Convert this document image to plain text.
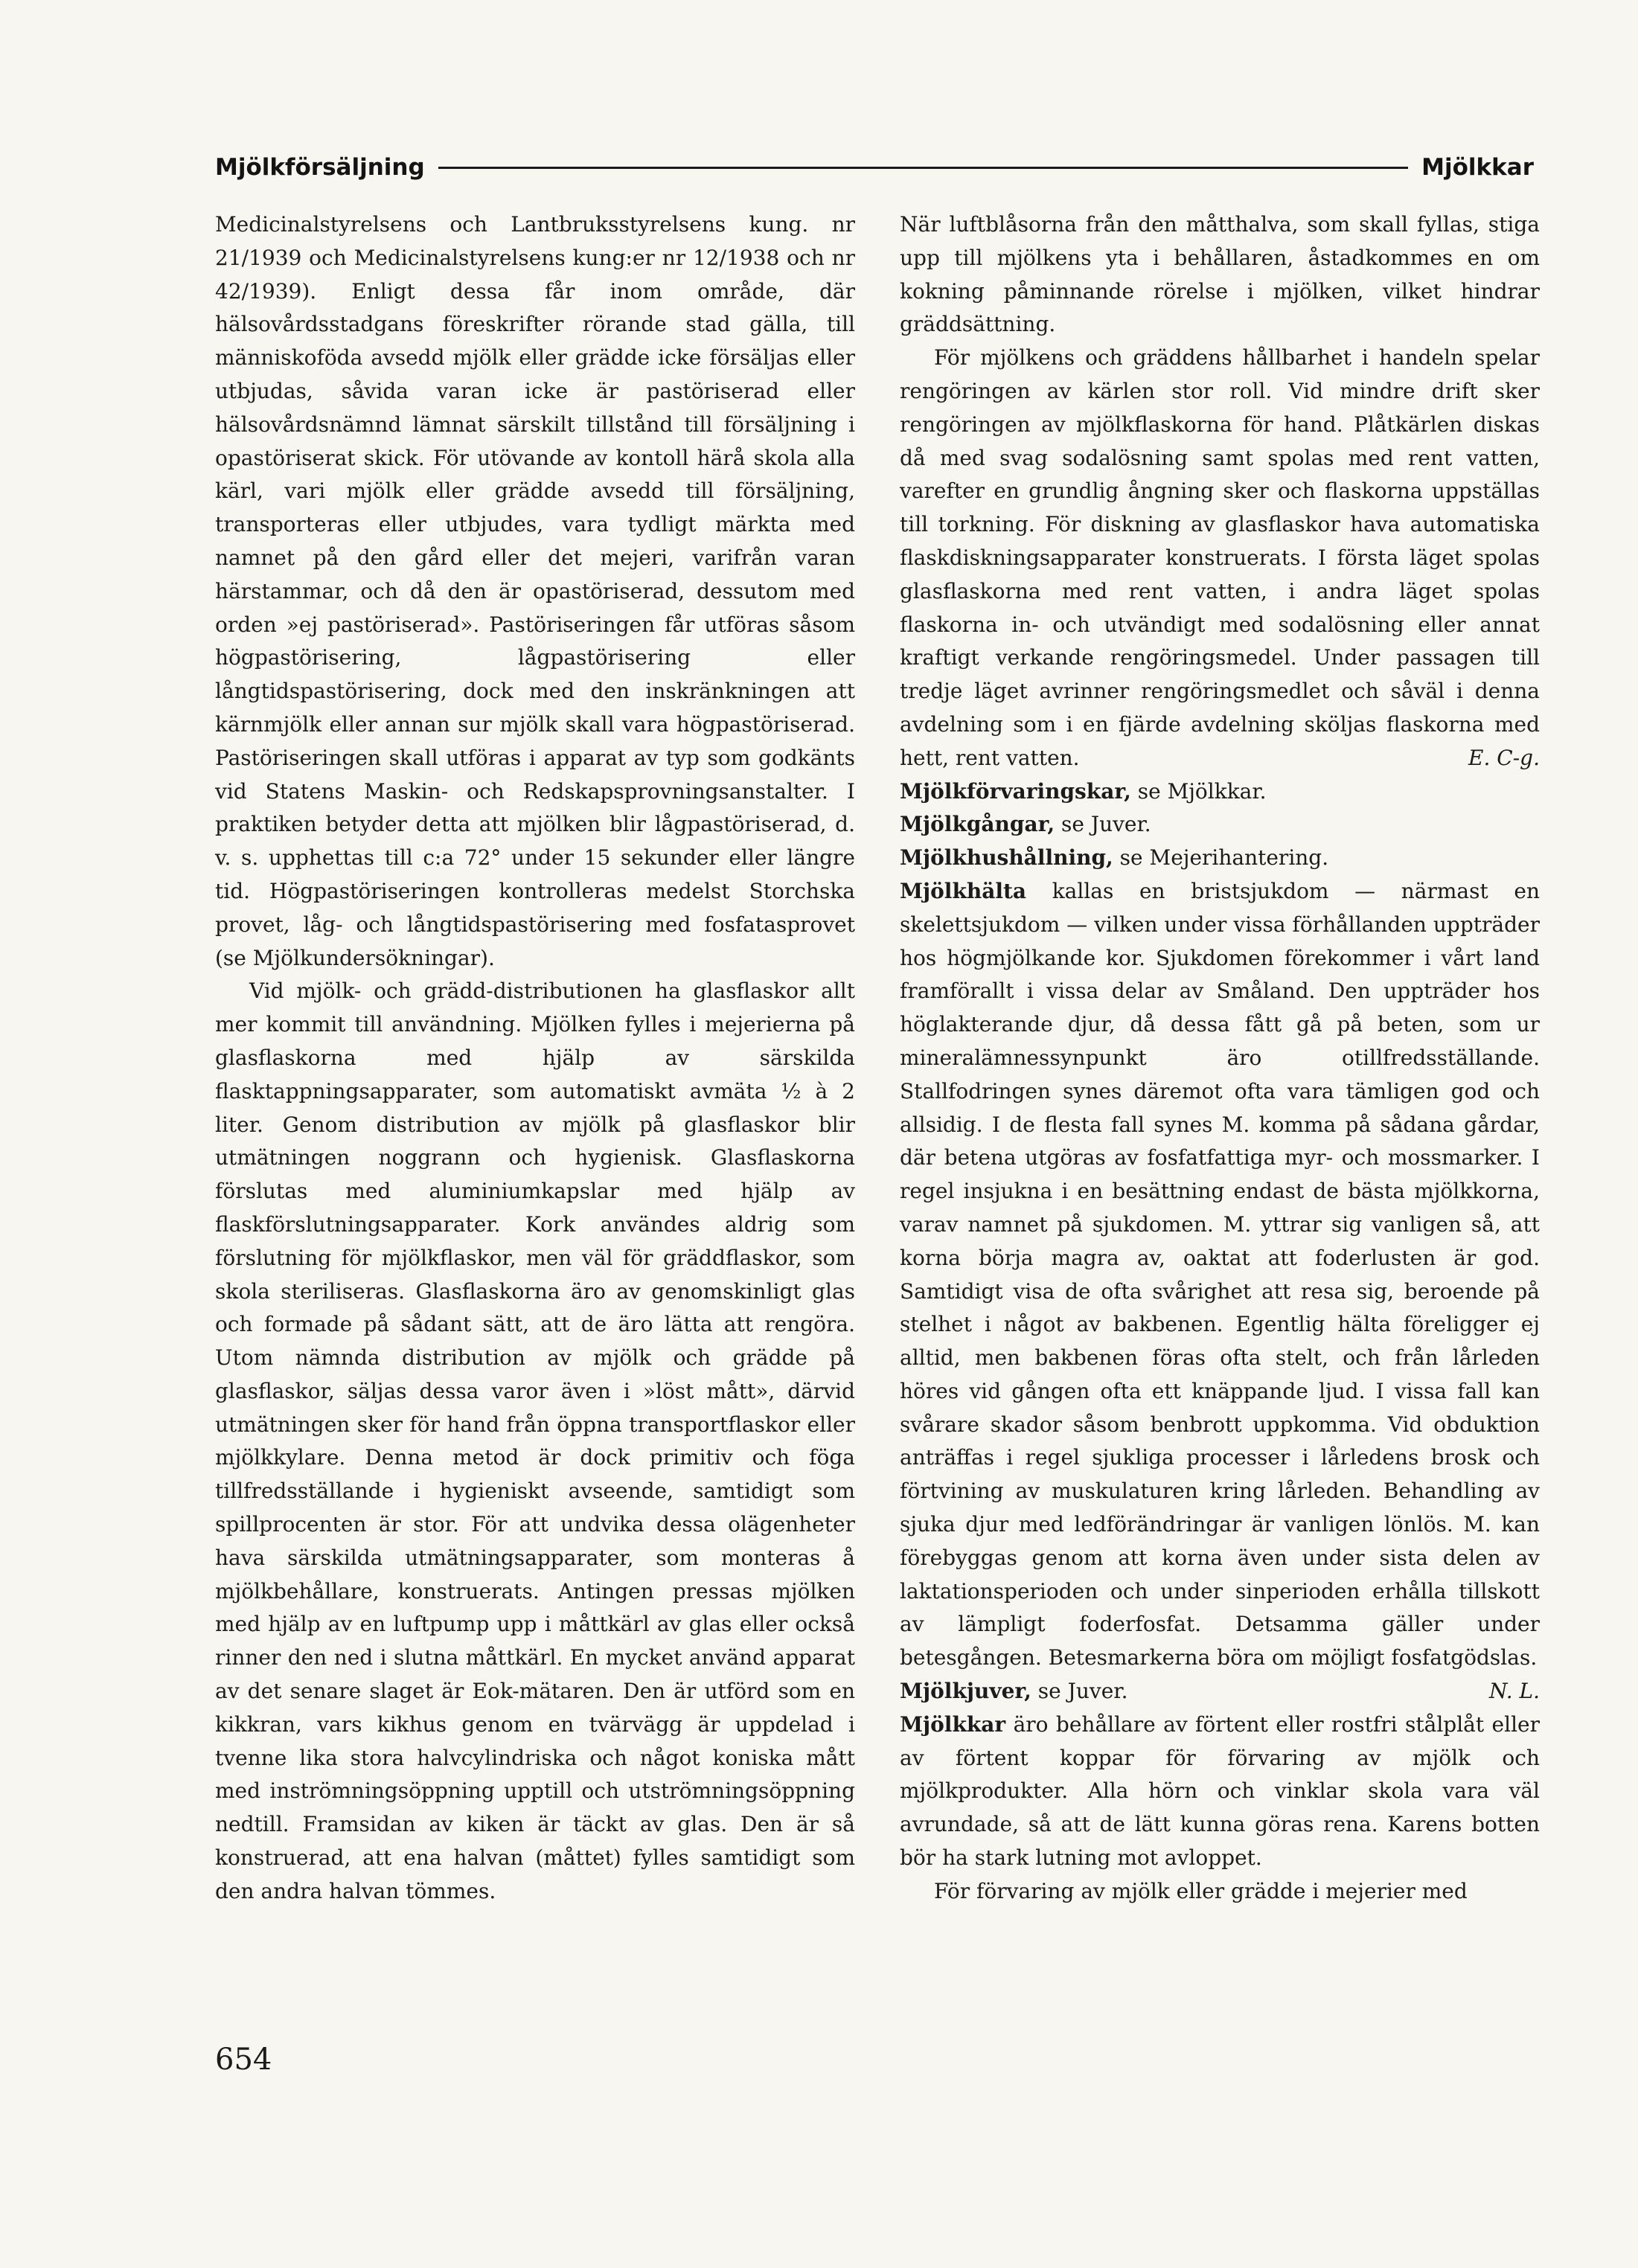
Mjölkförsäljning	Mjölkkar

Medicinalstyrelsens och Lantbruksstyrelsens kung. nr 21/1939 och Medicinalstyrelsens kung:er nr 12/1938 och nr 42/1939). Enligt dessa får inom område, där hälsovårdsstadgans föreskrifter rörande stad gälla, till människoföda avsedd mjölk eller grädde icke försäljas eller utbjudas, såvida varan icke är pastöriserad eller hälsovårdsnämnd lämnat särskilt tillstånd till försäljning i opastöriserat skick. För utövande av kontoll härå skola alla kärl, vari mjölk eller grädde avsedd till försäljning, transporteras eller utbjudes, vara tydligt märkta med namnet på den gård eller det mejeri, varifrån varan härstammar, och då den är opastöriserad, dessutom med orden »ej pastöriserad». Pastöriseringen får utföras såsom högpastörisering, lågpastörisering eller långtidspastörisering, dock med den inskränkningen att kärnmjölk eller annan sur mjölk skall vara högpastöriserad. Pastöriseringen skall utföras i apparat av typ som godkänts vid Statens Maskin- och Redskapsprovningsanstalter. I praktiken betyder detta att mjölken blir lågpastöriserad, d. v. s. upphettas till c:a 72° under 15 sekunder eller längre tid. Högpastöriseringen kontrolleras medelst Storchska provet, låg- och långtidspastörisering med fosfatasprovet (se Mjölkundersökningar).

Vid mjölk- och grädd-distributionen ha glasflaskor allt mer kommit till användning. Mjölken fylles i mejerierna på glasflaskorna med hjälp av särskilda flasktappningsapparater, som automatiskt avmäta ½ à 2 liter. Genom distribution av mjölk på glasflaskor blir utmätningen noggrann och hygienisk. Glasflaskorna förslutas med aluminiumkapslar med hjälp av flaskförslutningsapparater. Kork användes aldrig som förslutning för mjölkflaskor, men väl för gräddflaskor, som skola steriliseras. Glasflaskorna äro av genomskinligt glas och formade på sådant sätt, att de äro lätta att rengöra. Utom nämnda distribution av mjölk och grädde på glasflaskor, säljas dessa varor även i »löst mått», därvid utmätningen sker för hand från öppna transportflaskor eller mjölkkylare. Denna metod är dock primitiv och föga tillfredsställande i hygieniskt avseende, samtidigt som spillprocenten är stor. För att undvika dessa olägenheter hava särskilda utmätningsapparater, som monteras å mjölkbehållare, konstruerats. Antingen pressas mjölken med hjälp av en luftpump upp i måttkärl av glas eller också rinner den ned i slutna måttkärl. En mycket använd apparat av det senare slaget är Eok-mätaren. Den är utförd som en kikkran, vars kikhus genom en tvärvägg är uppdelad i tvenne lika stora halvcylindriska och något koniska mått med inströmningsöppning upptill och utströmningsöppning nedtill. Framsidan av kiken är täckt av glas. Den är så konstruerad, att ena halvan (måttet) fylles samtidigt som den andra halvan tömmes.

När luftblåsorna från den måtthalva, som skall fyllas, stiga upp till mjölkens yta i behållaren, åstadkommes en om kokning påminnande rörelse i mjölken, vilket hindrar gräddsättning.

För mjölkens och gräddens hållbarhet i handeln spelar rengöringen av kärlen stor roll. Vid mindre drift sker rengöringen av mjölkflaskorna för hand. Plåtkärlen diskas då med svag sodalösning samt spolas med rent vatten, varefter en grundlig ångning sker och flaskorna uppställas till torkning. För diskning av glasflaskor hava automatiska flaskdiskningsapparater konstruerats. I första läget spolas glasflaskorna med rent vatten, i andra läget spolas flaskorna in- och utvändigt med sodalösning eller annat kraftigt verkande rengöringsmedel. Under passagen till tredje läget avrinner rengöringsmedlet och såväl i denna avdelning som i en fjärde avdelning sköljas flaskorna med hett, rent vatten.	E. C-g.

Mjölkförvaringskar, se Mjölkkar.

Mjölkgångar, se Juver.

Mjölkhushållning, se Mejerihantering.

Mjölkhälta kallas en bristsjukdom — närmast en skelettsjukdom — vilken under vissa förhållanden uppträder hos högmjölkande kor. Sjukdomen förekommer i vårt land framförallt i vissa delar av Småland. Den uppträder hos höglakterande djur, då dessa fått gå på beten, som ur mineralämnessynpunkt äro otillfredsställande. Stallfodringen synes däremot ofta vara tämligen god och allsidig. I de flesta fall synes M. komma på sådana gårdar, där betena utgöras av fosfatfattiga myr- och mossmarker. I regel insjukna i en besättning endast de bästa mjölkkorna, varav namnet på sjukdomen. M. yttrar sig vanligen så, att korna börja magra av, oaktat att foderlusten är god. Samtidigt visa de ofta svårighet att resa sig, beroende på stelhet i något av bakbenen. Egentlig hälta föreligger ej alltid, men bakbenen föras ofta stelt, och från lårleden höres vid gången ofta ett knäppande ljud. I vissa fall kan svårare skador såsom benbrott uppkomma. Vid obduktion anträffas i regel sjukliga processer i lårledens brosk och förtvining av muskulaturen kring lårleden. Behandling av sjuka djur med ledförändringar är vanligen lönlös. M. kan förebyggas genom att korna även under sista delen av laktationsperioden och under sinperioden erhålla tillskott av lämpligt foderfosfat. Detsamma gäller under betesgången. Betesmarkerna böra om möjligt fosfatgödslas.
N. L.

Mjölkjuver, se Juver.

Mjölkkar äro behållare av förtent eller rostfri stålplåt eller av förtent koppar för förvaring av mjölk och mjölkprodukter. Alla hörn och vinklar skola vara väl avrundade, så att de lätt kunna göras rena. Karens botten bör ha stark lutning mot avloppet.

För förvaring av mjölk eller grädde i mejerier med

654
